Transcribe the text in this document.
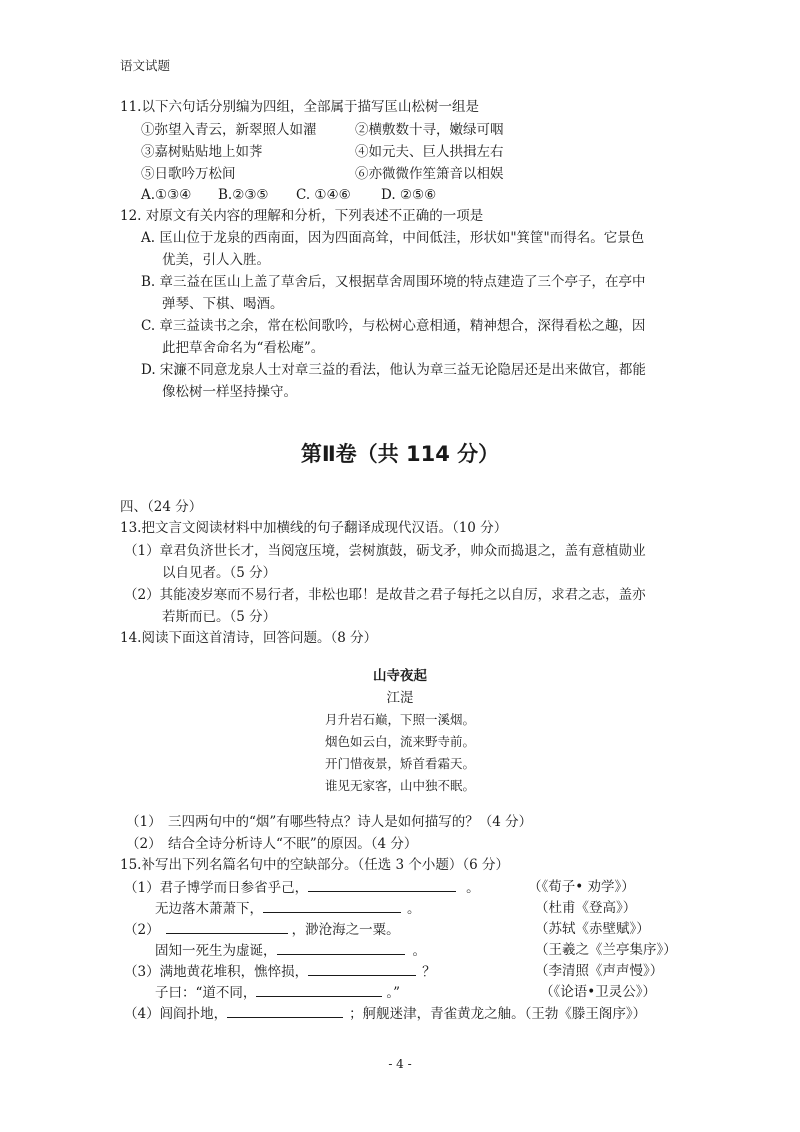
语文试题
11.以下六句话分别编为四组，全部属于描写匡山松树一组是
①弥望入青云，新翠照人如濯	②横敷数十寻，嫩绿可咽
③嘉树贴贴地上如荠	④如元夫、巨人拱揖左右
⑤日歌吟万松间	⑥亦微微作笙箫音以相娱
A.①③④ B.②③⑤ C. ①④⑥ D. ②⑤⑥
12. 对原文有关内容的理解和分析，下列表述不正确的一项是
A. 匡山位于龙泉的西南面，因为四面高耸，中间低洼，形状如"箕筐"而得名。它景色
优美，引人入胜。
B. 章三益在匡山上盖了草舍后，又根据草舍周围环境的特点建造了三个亭子，在亭中
弹琴、下棋、喝酒。
C. 章三益读书之余，常在松间歌吟，与松树心意相通，精神想合，深得看松之趣，因
此把草舍命名为“看松庵”。
D. 宋濂不同意龙泉人士对章三益的看法，他认为章三益无论隐居还是出来做官，都能
像松树一样坚持操守。
第Ⅱ卷（共 114 分）
四、（24 分）
13.把文言文阅读材料中加横线的句子翻译成现代汉语。（10 分）
（1）章君负济世长才，当阅寇压境，尝树旗鼓，砺戈矛，帅众而捣退之，盖有意植勋业
以自见者。（5 分）
（2）其能凌岁寒而不易行者，非松也耶！是故昔之君子每托之以自厉，求君之志，盖亦
若斯而已。（5 分）
14.阅读下面这首清诗，回答问题。（8 分）
山寺夜起
江湜
月升岩石巅，下照一溪烟。
烟色如云白，流来野寺前。
开门惜夜景，矫首看霜天。
谁见无家客，山中独不眠。
（1） 三四两句中的“烟”有哪些特点？诗人是如何描写的？（4 分）
（2） 结合全诗分析诗人“不眠”的原因。（4 分）
15.补写出下列名篇名句中的空缺部分。（任选 3 个小题）（6 分）
（1）君子博学而日参省乎己，	。	（《荀子• 劝学》）
无边落木萧萧下，	。	（杜甫《登高》）
（2）	，渺沧海之一粟。	（苏轼《赤壁赋》）
固知一死生为虚诞，	。	（王羲之《兰亭集序》）
（3）满地黄花堆积，憔悴损，	？	（李清照《声声慢》）
子曰：“道不同，	。”	（《论语•卫灵公》）
（4）闾阎扑地，	；舸舰迷津，青雀黄龙之舳。（王勃《滕王阁序》）
- 4 -
